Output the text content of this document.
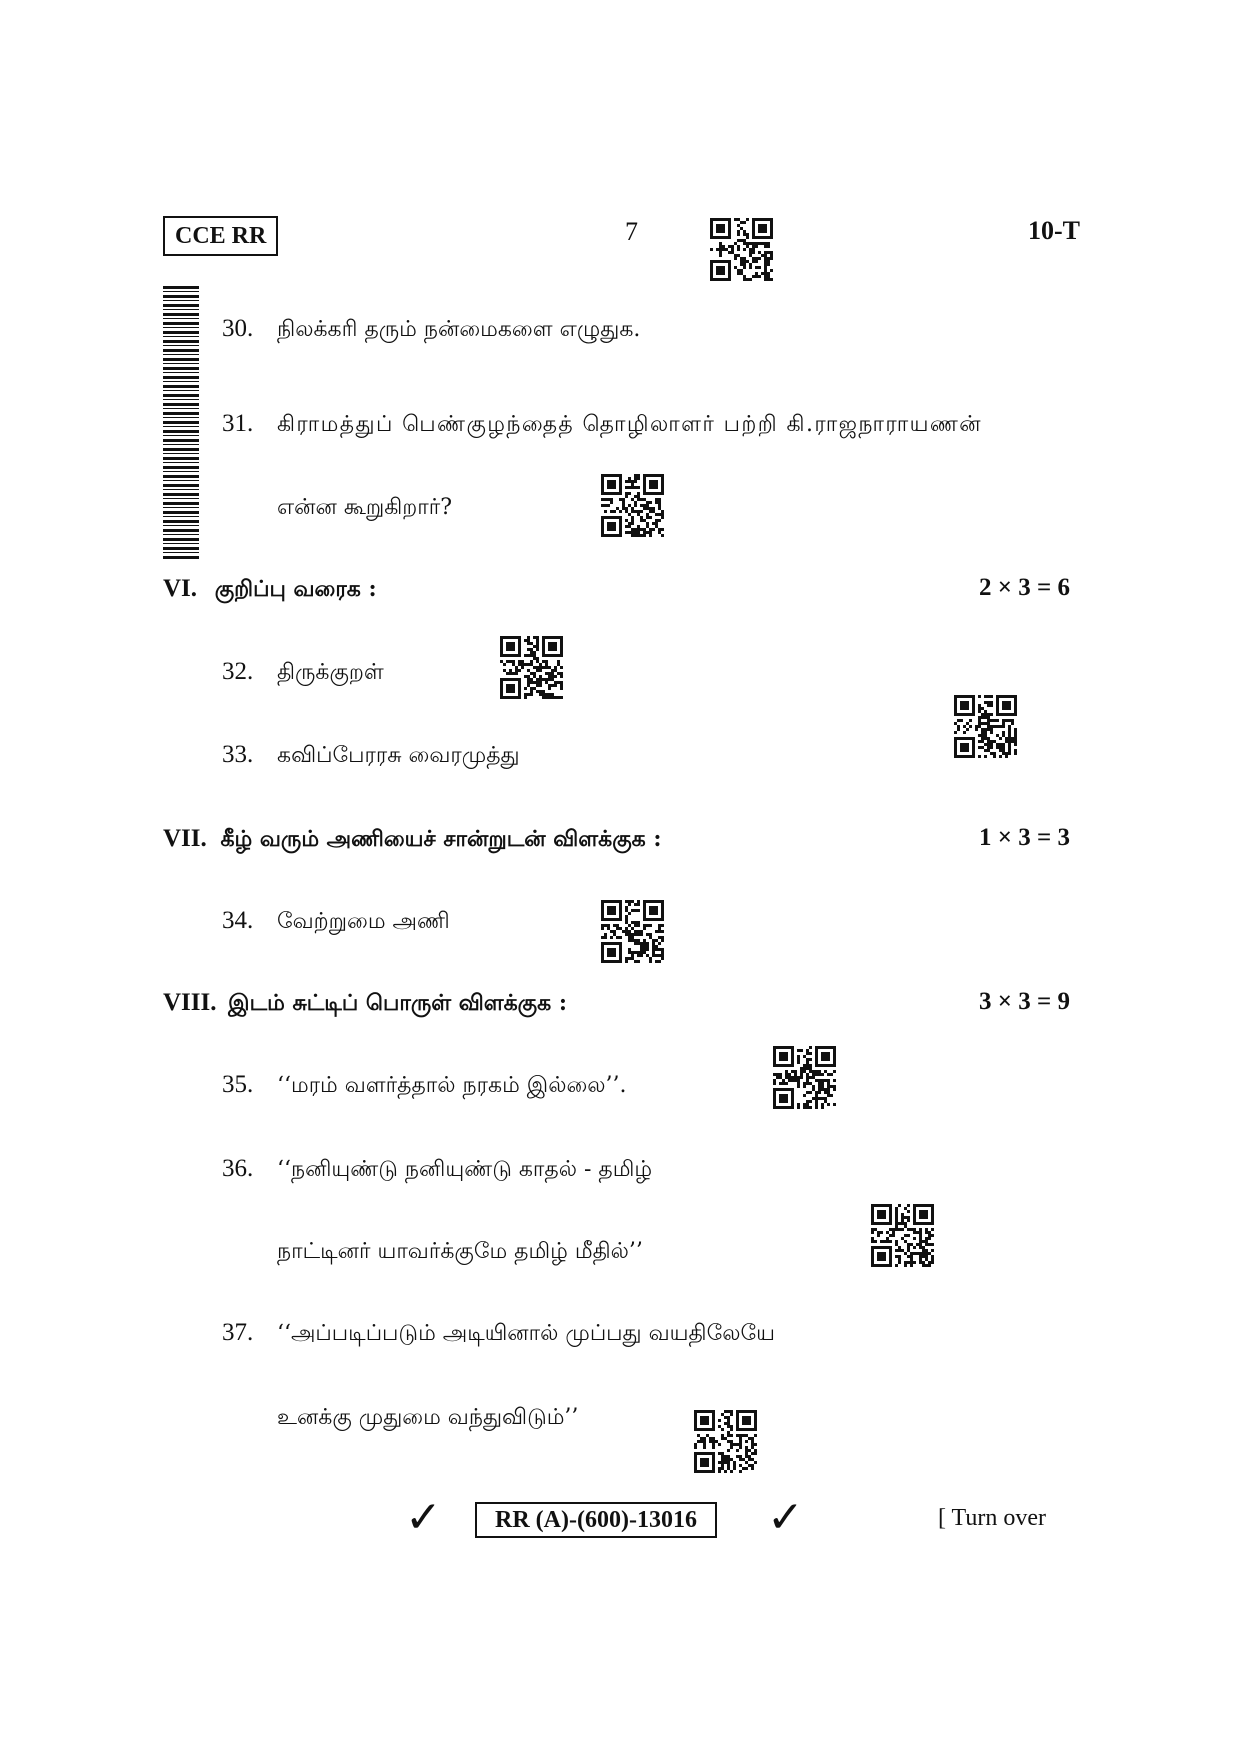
CCE RR	7	10-T
30. நிலக்கரி தரும் நன்மைகளை எழுதுக.
31. கிராமத்துப் பெண்குழந்தைத் தொழிலாளர் பற்றி கி.ராஜநாராயணன்
என்ன கூறுகிறார்?
VI. குறிப்பு வரைக :	2 × 3 = 6
32. திருக்குறள்
33. கவிப்பேரரசு வைரமுத்து
VII. கீழ் வரும் அணியைச் சான்றுடன் விளக்குக :	1 × 3 = 3
34. வேற்றுமை அணி
VIII. இடம் சுட்டிப் பொருள் விளக்குக :	3 × 3 = 9
35. ‘‘மரம் வளர்த்தால் நரகம் இல்லை’’.
36. ‘‘நனியுண்டு நனியுண்டு காதல் - தமிழ்
நாட்டினர் யாவர்க்குமே தமிழ் மீதில்’’
37. ‘‘அப்படிப்படும் அடியினால் முப்பது வயதிலேயே
உனக்கு முதுமை வந்துவிடும்’’
✓	RR (A)-(600)-13016	✓	[ Turn over
